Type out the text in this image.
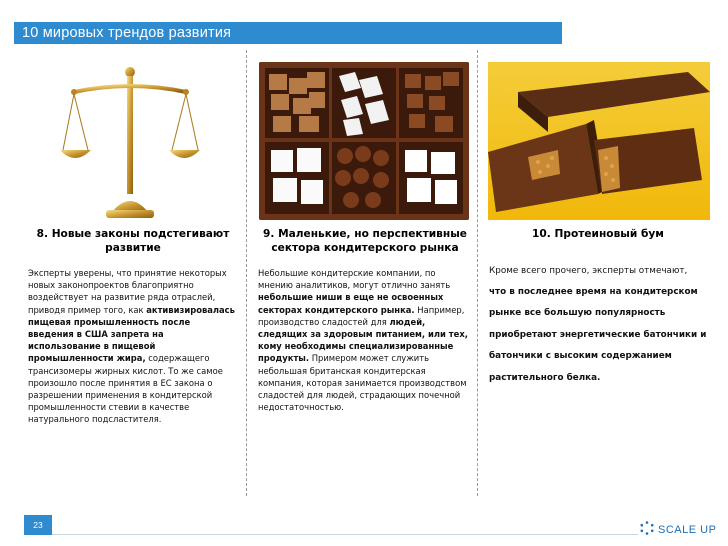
10 мировых трендов развития
8. Новые законы подстегивают развитие

Эксперты уверены, что принятие некоторых новых законопроектов благоприятно воздействует на развитие ряда отраслей, приводя пример того, как активизировалась пищевая промышленность после введения в США запрета на использование в пищевой промышленности жира, содержащего трансизомеры жирных кислот. То же самое произошло после принятия в ЕС закона о разрешении применения в кондитерской промышленности стевии в качестве натурального подсластителя.

9. Маленькие, но перспективные сектора кондитерского рынка

Небольшие кондитерские компании, по мнению аналитиков, могут отлично занять небольшие ниши в еще не освоенных секторах кондитерского рынка. Например, производство сладостей для людей, следящих за здоровым питанием, или тех, кому необходимы специализированные продукты. Примером может служить небольшая британская кондитерская компания, которая занимается производством сладостей для людей, страдающих почечной недостаточностью.

10. Протеиновый бум

Кроме всего прочего, эксперты отмечают, что в последнее время на кондитерском рынке все большую популярность приобретают энергетические батончики и батончики с высоким содержанием растительного белка.

23	SCALE UP
